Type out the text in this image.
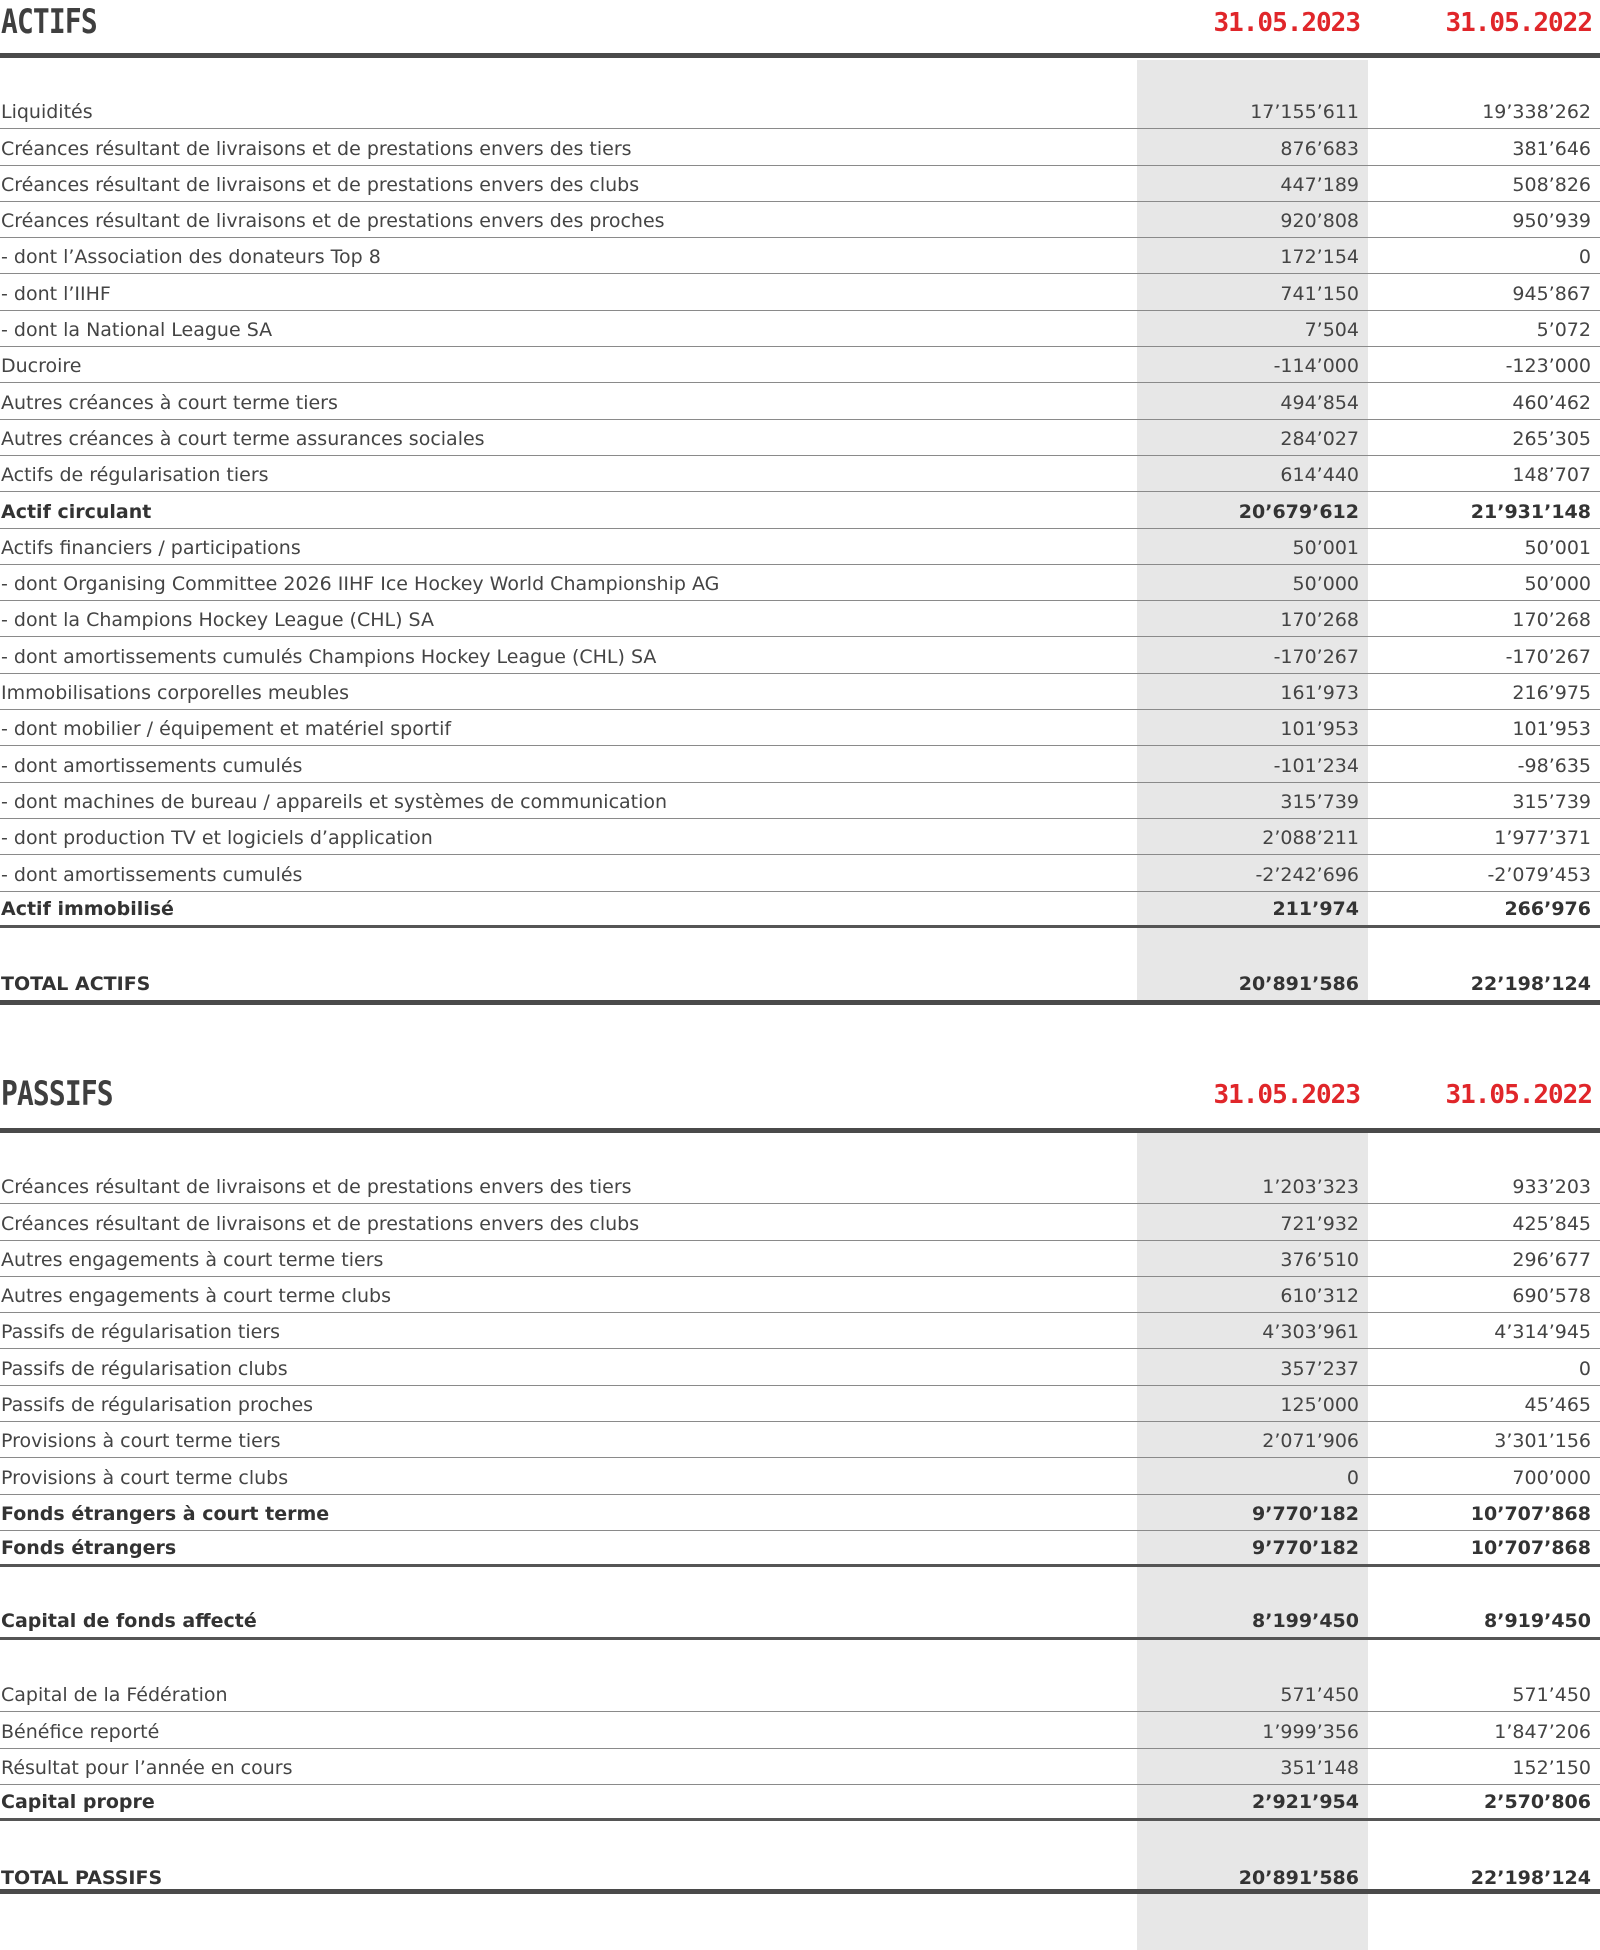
ACTIFS	31.05.2023	31.05.2022
Liquidités	17’155’611	19’338’262
Créances résultant de livraisons et de prestations envers des tiers	876’683	381’646
Créances résultant de livraisons et de prestations envers des clubs	447’189	508’826
Créances résultant de livraisons et de prestations envers des proches	920’808	950’939
- dont l’Association des donateurs Top 8	172’154	0
- dont l’IIHF	741’150	945’867
- dont la National League SA	7’504	5’072
Ducroire	-114’000	-123’000
Autres créances à court terme tiers	494’854	460’462
Autres créances à court terme assurances sociales	284’027	265’305
Actifs de régularisation tiers	614’440	148’707
Actif circulant	20’679’612	21’931’148
Actifs financiers / participations	50’001	50’001
- dont Organising Committee 2026 IIHF Ice Hockey World Championship AG	50’000	50’000
- dont la Champions Hockey League (CHL) SA	170’268	170’268
- dont amortissements cumulés Champions Hockey League (CHL) SA	-170’267	-170’267
Immobilisations corporelles meubles	161’973	216’975
- dont mobilier / équipement et matériel sportif	101’953	101’953
- dont amortissements cumulés	-101’234	-98’635
- dont machines de bureau / appareils et systèmes de communication	315’739	315’739
- dont production TV et logiciels d’application	2’088’211	1’977’371
- dont amortissements cumulés	-2’242’696	-2’079’453
Actif immobilisé	211’974	266’976
TOTAL ACTIFS	20’891’586	22’198’124
PASSIFS	31.05.2023	31.05.2022
Créances résultant de livraisons et de prestations envers des tiers	1’203’323	933’203
Créances résultant de livraisons et de prestations envers des clubs	721’932	425’845
Autres engagements à court terme tiers	376’510	296’677
Autres engagements à court terme clubs	610’312	690’578
Passifs de régularisation tiers	4’303’961	4’314’945
Passifs de régularisation clubs	357’237	0
Passifs de régularisation proches	125’000	45’465
Provisions à court terme tiers	2’071’906	3’301’156
Provisions à court terme clubs	0	700’000
Fonds étrangers à court terme	9’770’182	10’707’868
Fonds étrangers	9’770’182	10’707’868
Capital de fonds affecté	8’199’450	8’919’450
Capital de la Fédération	571’450	571’450
Bénéfice reporté	1’999’356	1’847’206
Résultat pour l’année en cours	351’148	152’150
Capital propre	2’921’954	2’570’806
TOTAL PASSIFS	20’891’586	22’198’124
